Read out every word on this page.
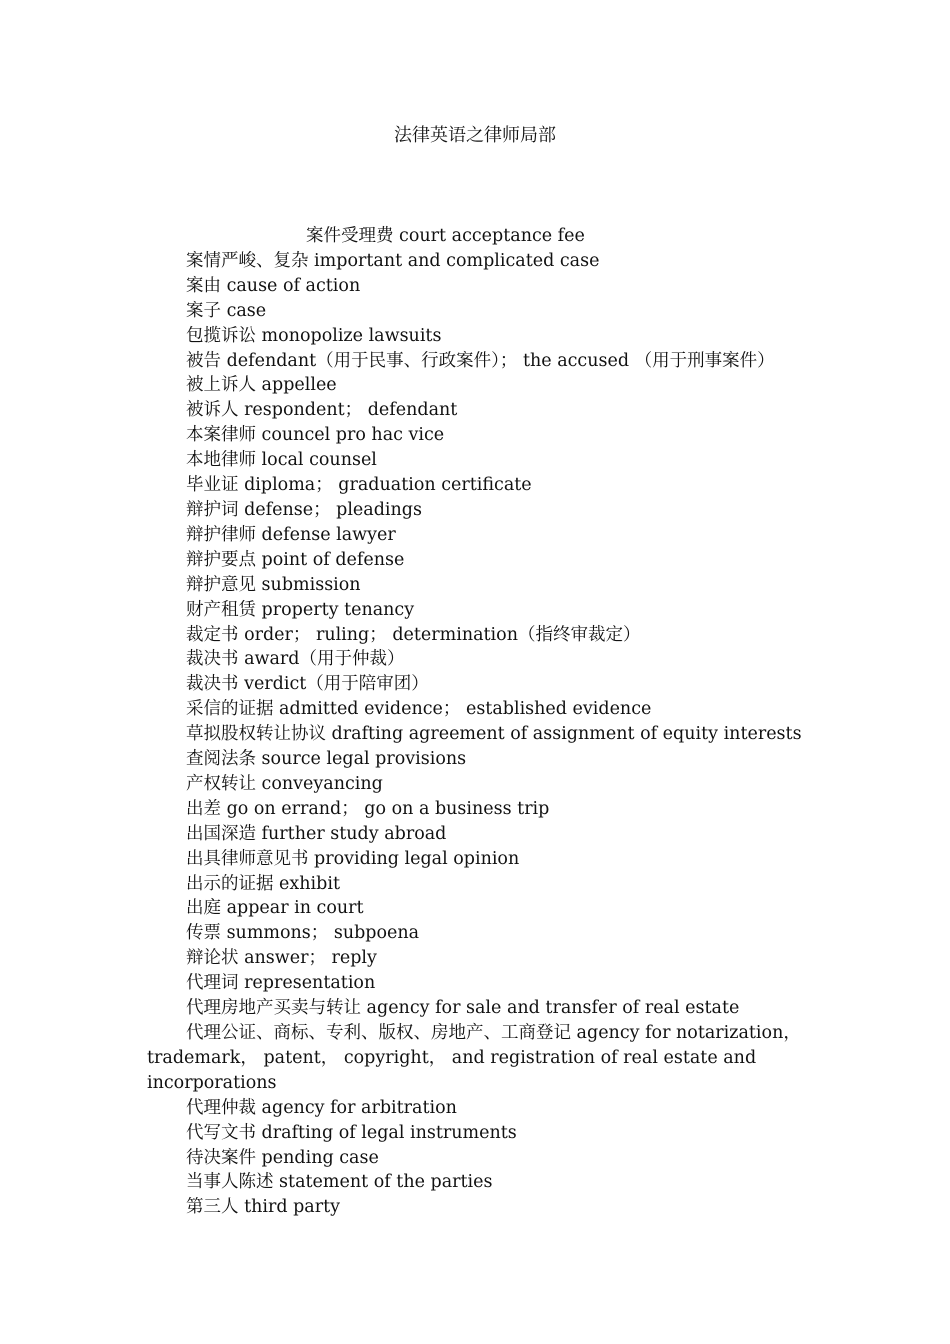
法律英语之律师局部

案件受理费 court acceptance fee

案情严峻、复杂 important and complicated case

案由 cause of action

案子 case

包揽诉讼 monopolize lawsuits

被告 defendant（用于民事、行政案件）； the accused （用于刑事案件）

被上诉人 appellee

被诉人 respondent； defendant

本案律师 councel pro hac vice

本地律师 local counsel

毕业证 diploma； graduation certificate

辩护词 defense； pleadings

辩护律师 defense lawyer

辩护要点 point of defense

辩护意见 submission

财产租赁 property tenancy

裁定书 order； ruling； determination（指终审裁定）

裁决书 award（用于仲裁）

裁决书 verdict（用于陪审团）

采信的证据 admitted evidence； established evidence

草拟股权转让协议 drafting agreement of assignment of equity interests

查阅法条 source legal provisions

产权转让 conveyancing

出差 go on errand； go on a business trip

出国深造 further study abroad

出具律师意见书 providing legal opinion

出示的证据 exhibit

出庭 appear in court

传票 summons； subpoena

辩论状 answer； reply

代理词 representation

代理房地产买卖与转让 agency for sale and transfer of real estate

代理公证、商标、专利、版权、房地产、工商登记 agency for notarization， trademark， patent， copyright， and registration of real estate and incorporations

代理仲裁 agency for arbitration

代写文书 drafting of legal instruments

待决案件 pending case

当事人陈述 statement of the parties

第三人 third party
